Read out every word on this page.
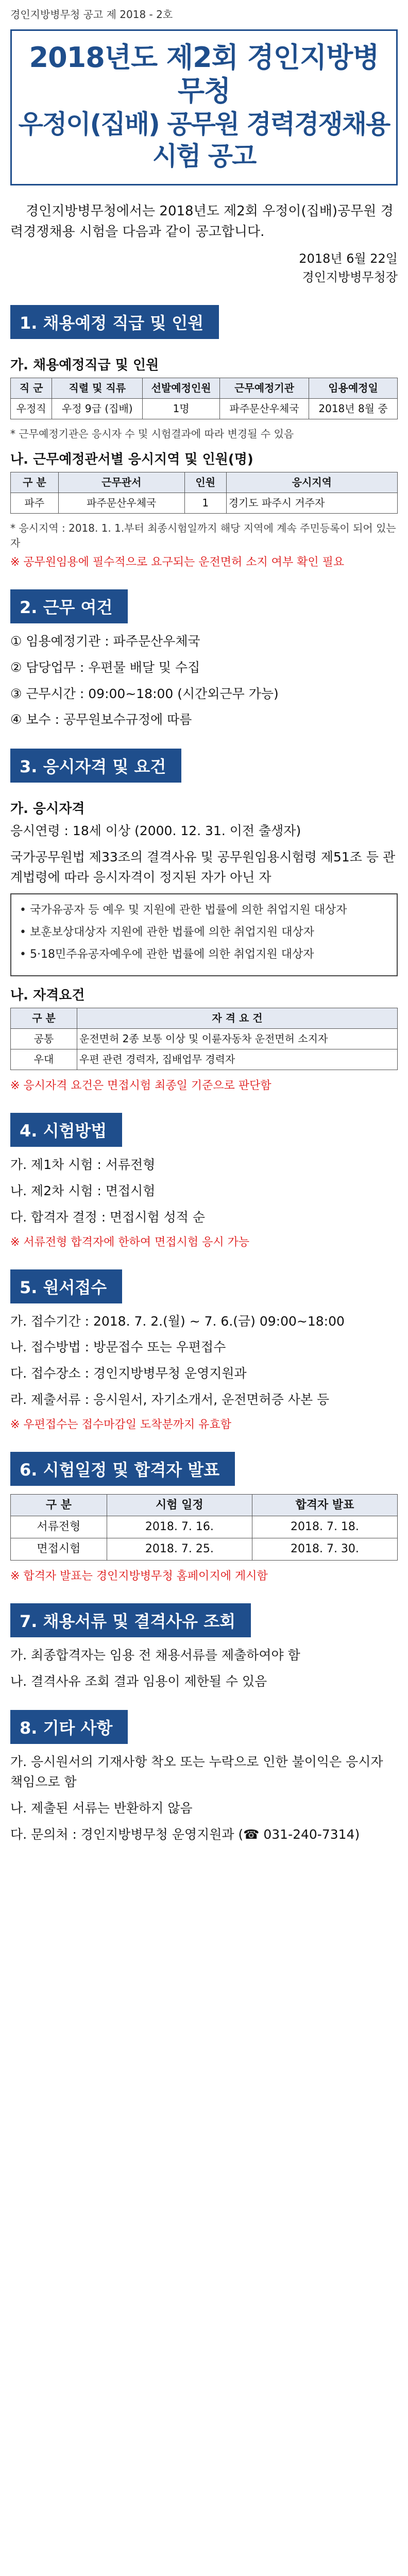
경인지방병무청 공고 제 2018 - 2호
2018년도 제2회 경인지방병무청
우정이(집배) 공무원 경력경쟁채용시험 공고

경인지방병무청에서는 2018년도 제2회 우정이(집배)공무원 경력경쟁채용 시험을 다음과 같이 공고합니다.

2018년 6월 22일
경인지방병무청장
1. 채용예정 직급 및 인원
가. 채용예정직급 및 인원
직 군	직렬 및 직류	선발예정인원	근무예정기관	임용예정일
우정직	우정 9급 (집배)	1명	파주문산우체국	2018년 8월 중

* 근무예정기관은 응시자 수 및 시험결과에 따라 변경될 수 있음

나. 근무예정관서별 응시지역 및 인원(명)
구 분	근무관서	인원	응시지역
파주	파주문산우체국	1	경기도 파주시 거주자

* 응시지역 : 2018. 1. 1.부터 최종시험일까지 해당 지역에 계속 주민등록이 되어 있는 자

※ 공무원임용에 필수적으로 요구되는 운전면허 소지 여부 확인 필요

2. 근무 여건

① 임용예정기관 : 파주문산우체국

② 담당업무 : 우편물 배달 및 수집

③ 근무시간 : 09:00~18:00 (시간외근무 가능)

④ 보수 : 공무원보수규정에 따름

3. 응시자격 및 요건
가. 응시자격

응시연령 : 18세 이상 (2000. 12. 31. 이전 출생자)

국가공무원법 제33조의 결격사유 및 공무원임용시험령 제51조 등 관계법령에 따라 응시자격이 정지된 자가 아닌 자

• 국가유공자 등 예우 및 지원에 관한 법률에 의한 취업지원 대상자

• 보훈보상대상자 지원에 관한 법률에 의한 취업지원 대상자

• 5·18민주유공자예우에 관한 법률에 의한 취업지원 대상자

나. 자격요건
구 분	자 격 요 건
공통	운전면허 2종 보통 이상 및 이륜자동차 운전면허 소지자
우대	우편 관련 경력자, 집배업무 경력자

※ 응시자격 요건은 면접시험 최종일 기준으로 판단함

4. 시험방법

가. 제1차 시험 : 서류전형

나. 제2차 시험 : 면접시험

다. 합격자 결정 : 면접시험 성적 순

※ 서류전형 합격자에 한하여 면접시험 응시 가능

5. 원서접수

가. 접수기간 : 2018. 7. 2.(월) ~ 7. 6.(금) 09:00~18:00

나. 접수방법 : 방문접수 또는 우편접수

다. 접수장소 : 경인지방병무청 운영지원과

라. 제출서류 : 응시원서, 자기소개서, 운전면허증 사본 등

※ 우편접수는 접수마감일 도착분까지 유효함

6. 시험일정 및 합격자 발표
구 분	시험 일정	합격자 발표
서류전형	2018. 7. 16.	2018. 7. 18.
면접시험	2018. 7. 25.	2018. 7. 30.

※ 합격자 발표는 경인지방병무청 홈페이지에 게시함

7. 채용서류 및 결격사유 조회

가. 최종합격자는 임용 전 채용서류를 제출하여야 함

나. 결격사유 조회 결과 임용이 제한될 수 있음

8. 기타 사항

가. 응시원서의 기재사항 착오 또는 누락으로 인한 불이익은 응시자 책임으로 함

나. 제출된 서류는 반환하지 않음

다. 문의처 : 경인지방병무청 운영지원과 (☎ 031-240-7314)
